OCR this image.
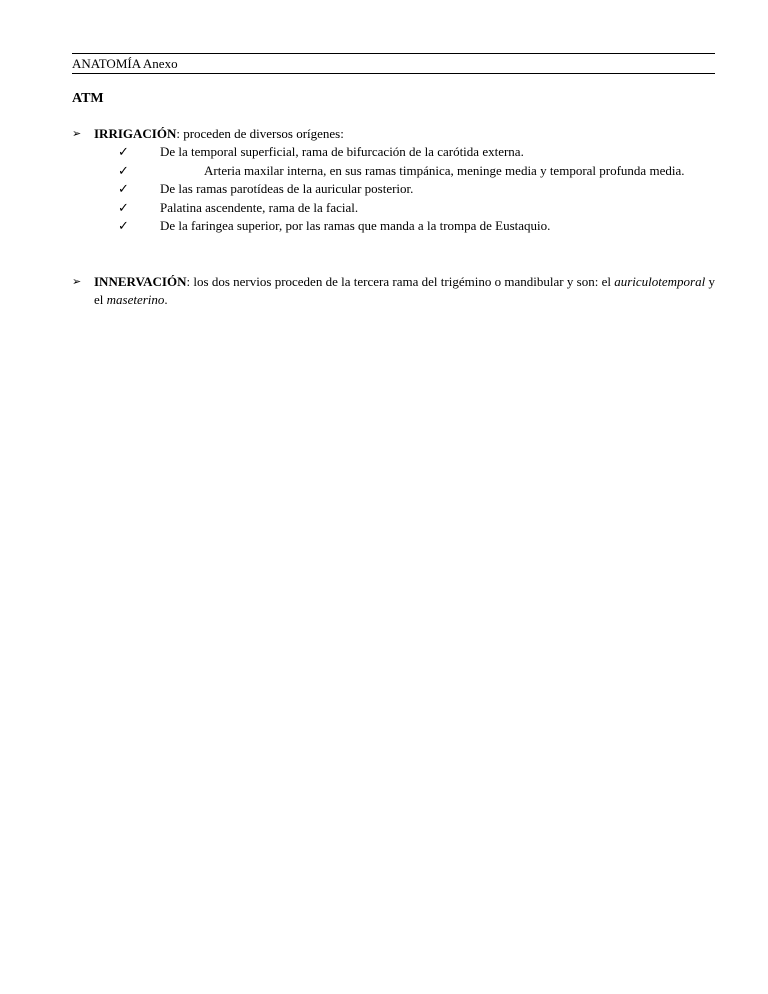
ANATOMÍA Anexo
ATM
➢ IRRIGACIÓN: proceden de diversos orígenes:
✓ De la temporal superficial, rama de bifurcación de la carótida externa.
✓	Arteria maxilar interna, en sus ramas timpánica, meninge media y temporal profunda media.
✓ De las ramas parotídeas de la auricular posterior.
✓ Palatina ascendente, rama de la facial.
✓ De la faringea superior, por las ramas que manda a la trompa de Eustaquio.
➢ INNERVACIÓN: los dos nervios proceden de la tercera rama del trigémino o mandibular y son: el auriculotemporal y el maseterino.
